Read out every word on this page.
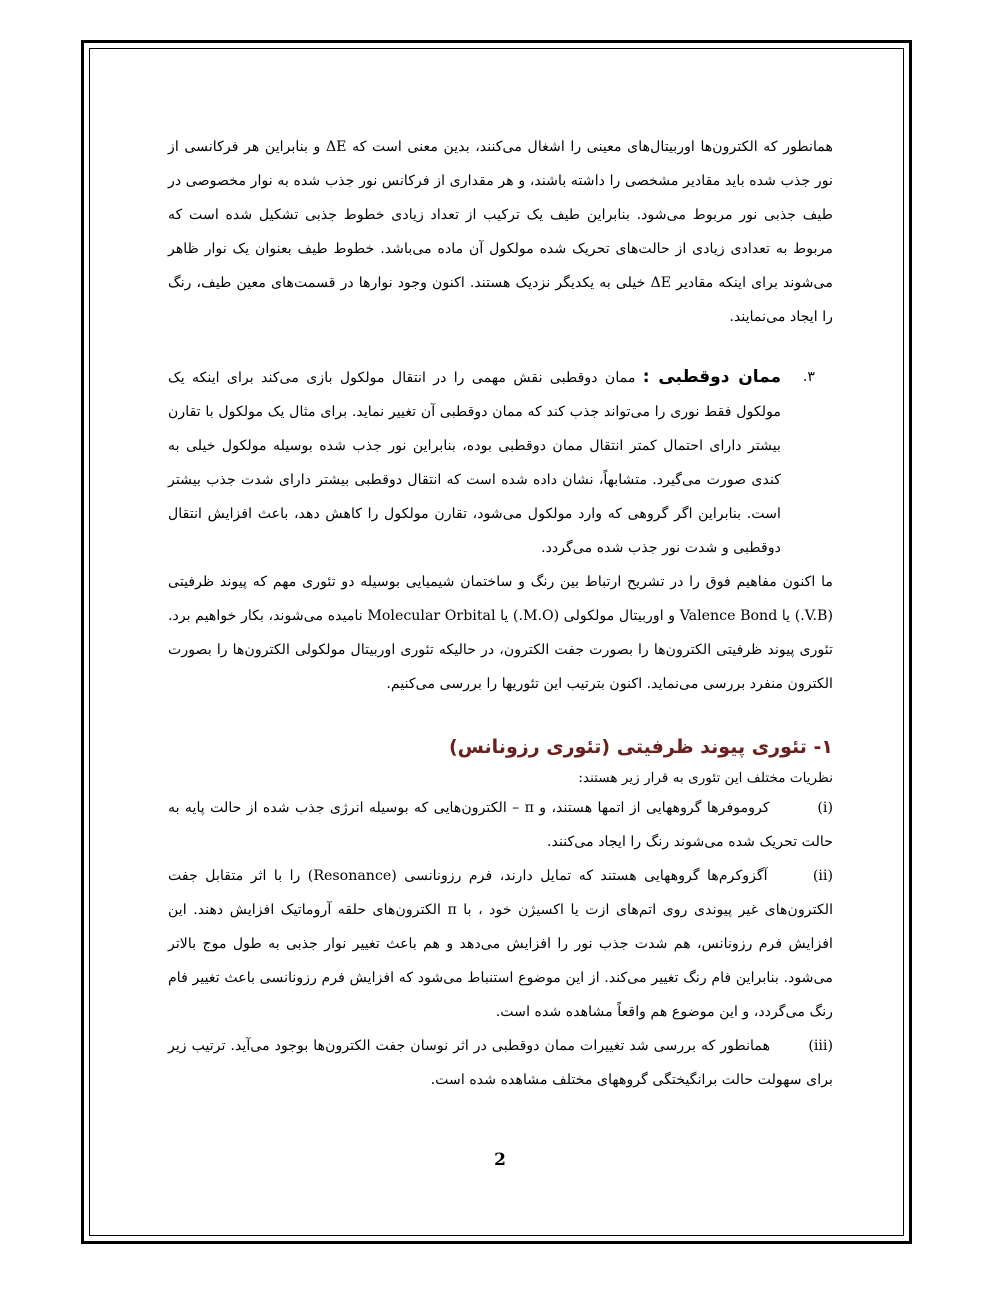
همانطور که الکترون‌ها اوربیتال‌های معینی را اشغال می‌کنند، بدین معنی است که ΔE و بنابراین هر فرکانسی از نور جذب شده باید مقادیر مشخصی را داشته باشند، و هر مقداری از فرکانس نور جذب شده به نوار مخصوصی در طیف جذبی نور مربوط می‌شود. بنابراین طیف یک ترکیب از تعداد زیادی خطوط جذبی تشکیل شده است که مربوط به تعدادی زیادی از حالت‌های تحریک شده مولکول آن ماده می‌باشد. خطوط طیف بعنوان یک نوار ظاهر می‌شوند برای اینکه مقادیر ΔE خیلی به یکدیگر نزدیک هستند. اکنون وجود نوارها در قسمت‌های معین طیف، رنگ را ایجاد می‌نمایند.

۳.
ممان دوقطبی : ممان دوقطبی نقش مهمی را در انتقال مولکول بازی می‌کند برای اینکه یک مولکول فقط نوری را می‌تواند جذب کند که ممان دوقطبی آن تغییر نماید. برای مثال یک مولکول با تقارن بیشتر دارای احتمال کمتر انتقال ممان دوقطبی بوده، بنابراین نور جذب شده بوسیله مولکول خیلی به کندی صورت می‌گیرد. متشابهاً، نشان داده شده است که انتقال دوقطبی بیشتر دارای شدت جذب بیشتر است. بنابراین اگر گروهی که وارد مولکول می‌شود، تقارن مولکول را کاهش دهد، باعث افزایش انتقال دوقطبی و شدت نور جذب شده می‌گردد.

ما اکنون مفاهیم فوق را در تشریح ارتباط بین رنگ و ساختمان شیمیایی بوسیله دو تئوری مهم که پیوند ظرفیتی (V.B.) یا Valence Bond و اوربیتال مولکولی (M.O.) یا Molecular Orbital نامیده می‌شوند، بکار خواهیم برد. تئوری پیوند ظرفیتی الکترون‌ها را بصورت جفت الکترون، در حالیکه تئوری اوربیتال مولکولی الکترون‌ها را بصورت الکترون منفرد بررسی می‌نماید. اکنون بترتیب این تئوریها را بررسی می‌کنیم.

۱- تئوری پیوند ظرفیتی (تئوری رزونانس)

نظریات مختلف این تئوری به قرار زیر هستند:

(i) کروموفرها گروههایی از اتمها هستند، و π – الکترون‌هایی که بوسیله انرژی جذب شده از حالت پایه به حالت تحریک شده می‌شوند رنگ را ایجاد می‌کنند.

(ii) آگزوکرم‌ها گروههایی هستند که تمایل دارند، فرم رزونانسی (Resonance) را با اثر متقابل جفت الکترون‌های غیر پیوندی روی اتم‌های ازت یا اکسیژن خود ، با π الکترون‌های حلقه آروماتیک افزایش دهند. این افزایش فرم رزونانس، هم شدت جذب نور را افزایش می‌دهد و هم باعث تغییر نوار جذبی به طول موج بالاتر می‌شود. بنابراین فام رنگ تغییر می‌کند. از این موضوع استنباط می‌شود که افزایش فرم رزونانسی باعث تغییر فام رنگ می‌گردد، و این موضوع هم واقعاً مشاهده شده است.

(iii) همانطور که بررسی شد تغییرات ممان دوقطبی در اثر نوسان جفت الکترون‌ها بوجود می‌آید. ترتیب زیر برای سهولت حالت برانگیختگی گروههای مختلف مشاهده شده است.

2
